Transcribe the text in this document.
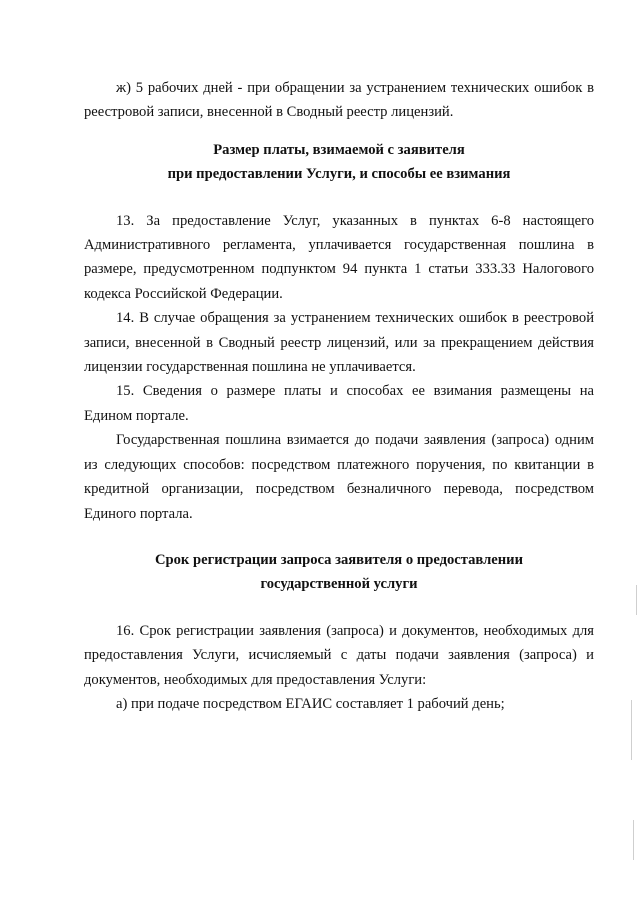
ж) 5 рабочих дней - при обращении за устранением технических ошибок в реестровой записи, внесенной в Сводный реестр лицензий.

Размер платы, взимаемой с заявителя

при предоставлении Услуги, и способы ее взимания

13. За предоставление Услуг, указанных в пунктах 6-8 настоящего Административного регламента, уплачивается государственная пошлина в размере, предусмотренном подпунктом 94 пункта 1 статьи 333.33 Налогового кодекса Российской Федерации.

14. В случае обращения за устранением технических ошибок в реестровой записи, внесенной в Сводный реестр лицензий, или за прекращением действия лицензии государственная пошлина не уплачивается.

15. Сведения о размере платы и способах ее взимания размещены на Едином портале.

Государственная пошлина взимается до подачи заявления (запроса) одним из следующих способов: посредством платежного поручения, по квитанции в кредитной организации, посредством безналичного перевода, посредством Единого портала.

Срок регистрации запроса заявителя о предоставлении

государственной услуги

16. Срок регистрации заявления (запроса) и документов, необходимых для предоставления Услуги, исчисляемый с даты подачи заявления (запроса) и документов, необходимых для предоставления Услуги:

а) при подаче посредством ЕГАИС составляет 1 рабочий день;
